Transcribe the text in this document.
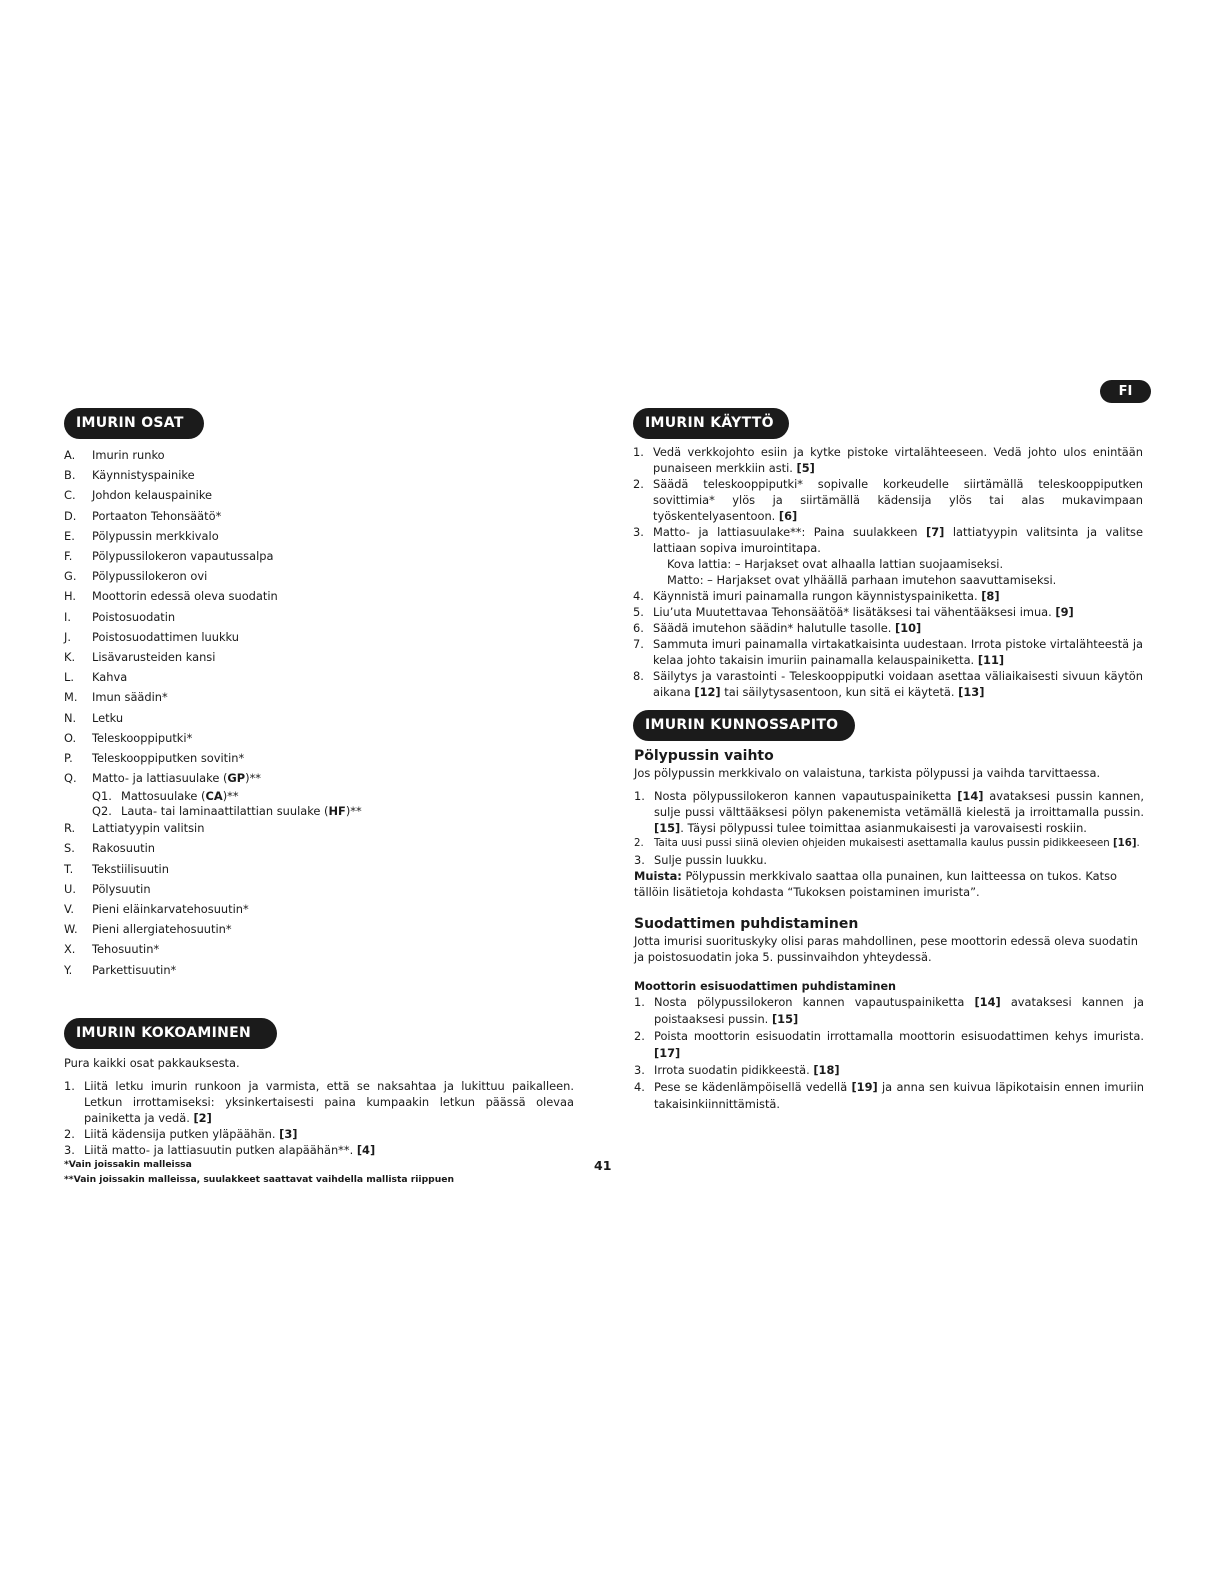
FI
IMURIN OSAT
A.	Imurin runko
B.	Käynnistyspainike
C.	Johdon kelauspainike
D.	Portaaton Tehonsäätö*
E.	Pölypussin merkkivalo
F.	Pölypussilokeron vapautussalpa
G.	Pölypussilokeron ovi
H.	Moottorin edessä oleva suodatin
I.	Poistosuodatin
J.	Poistosuodattimen luukku
K.	Lisävarusteiden kansi
L.	Kahva
M.	Imun säädin*
N.	Letku
O.	Teleskooppiputki*
P.	Teleskooppiputken sovitin*
Q.	Matto- ja lattiasuulake (GP)**
Q1. Mattosuulake (CA)**
Q2. Lauta- tai laminaattilattian suulake (HF)**
R.	Lattiatyypin valitsin
S.	Rakosuutin
T.	Tekstiilisuutin
U.	Pölysuutin
V.	Pieni eläinkarvatehosuutin*
W.	Pieni allergiatehosuutin*
X.	Tehosuutin*
Y.	Parkettisuutin*
IMURIN KOKOAMINEN
Pura kaikki osat pakkauksesta.
1. Liitä letku imurin runkoon ja varmista, että se naksahtaa ja lukittuu paikalleen. Letkun irrottamiseksi: yksinkertaisesti paina kumpaakin letkun päässä olevaa painiketta ja vedä. [2]
2. Liitä kädensija putken yläpäähän. [3]
3. Liitä matto- ja lattiasuutin putken alapäähän**. [4]
*Vain joissakin malleissa
**Vain joissakin malleissa, suulakkeet saattavat vaihdella mallista riippuen
41
IMURIN KÄYTTÖ
1. Vedä verkkojohto esiin ja kytke pistoke virtalähteeseen. Vedä johto ulos enintään punaiseen merkkiin asti. [5]
2. Säädä teleskooppiputki* sopivalle korkeudelle siirtämällä teleskooppiputken sovittimia* ylös ja siirtämällä kädensija ylös tai alas mukavimpaan työskentelyasentoon. [6]
3. Matto- ja lattiasuulake**: Paina suulakkeen [7] lattiatyypin valitsinta ja valitse lattiaan sopiva imurointitapa.
Kova lattia: – Harjakset ovat alhaalla lattian suojaamiseksi.
Matto: – Harjakset ovat ylhäällä parhaan imutehon saavuttamiseksi.
4. Käynnistä imuri painamalla rungon käynnistyspainiketta. [8]
5. Liu’uta Muutettavaa Tehonsäätöä* lisätäksesi tai vähentääksesi imua. [9]
6. Säädä imutehon säädin* halutulle tasolle. [10]
7. Sammuta imuri painamalla virtakatkaisinta uudestaan. Irrota pistoke virtalähteestä ja kelaa johto takaisin imuriin painamalla kelauspainiketta. [11]
8. Säilytys ja varastointi - Teleskooppiputki voidaan asettaa väliaikaisesti sivuun käytön aikana [12] tai säilytysasentoon, kun sitä ei käytetä. [13]
IMURIN KUNNOSSAPITO
Pölypussin vaihto
Jos pölypussin merkkivalo on valaistuna, tarkista pölypussi ja vaihda tarvittaessa.
1. Nosta pölypussilokeron kannen vapautuspainiketta [14] avataksesi pussin kannen, sulje pussi välttääksesi pölyn pakenemista vetämällä kielestä ja irroittamalla pussin. [15]. Täysi pölypussi tulee toimittaa asianmukaisesti ja varovaisesti roskiin.
2.	Taita uusi pussi siinä olevien ohjeiden mukaisesti asettamalla kaulus pussin pidikkeeseen [16].
3. Sulje pussin luukku.
Muista: Pölypussin merkkivalo saattaa olla punainen, kun laitteessa on tukos. Katso tällöin lisätietoja kohdasta “Tukoksen poistaminen imurista”.
Suodattimen puhdistaminen
Jotta imurisi suorituskyky olisi paras mahdollinen, pese moottorin edessä oleva suodatin ja poistosuodatin joka 5. pussinvaihdon yhteydessä.
Moottorin esisuodattimen puhdistaminen
1. Nosta pölypussilokeron kannen vapautuspainiketta [14] avataksesi kannen ja poistaaksesi pussin. [15]
2. Poista moottorin esisuodatin irrottamalla moottorin esisuodattimen kehys imurista. [17]
3. Irrota suodatin pidikkeestä. [18]
4. Pese se kädenlämpöisellä vedellä [19] ja anna sen kuivua läpikotaisin ennen imuriin takaisinkiinnittämistä.
